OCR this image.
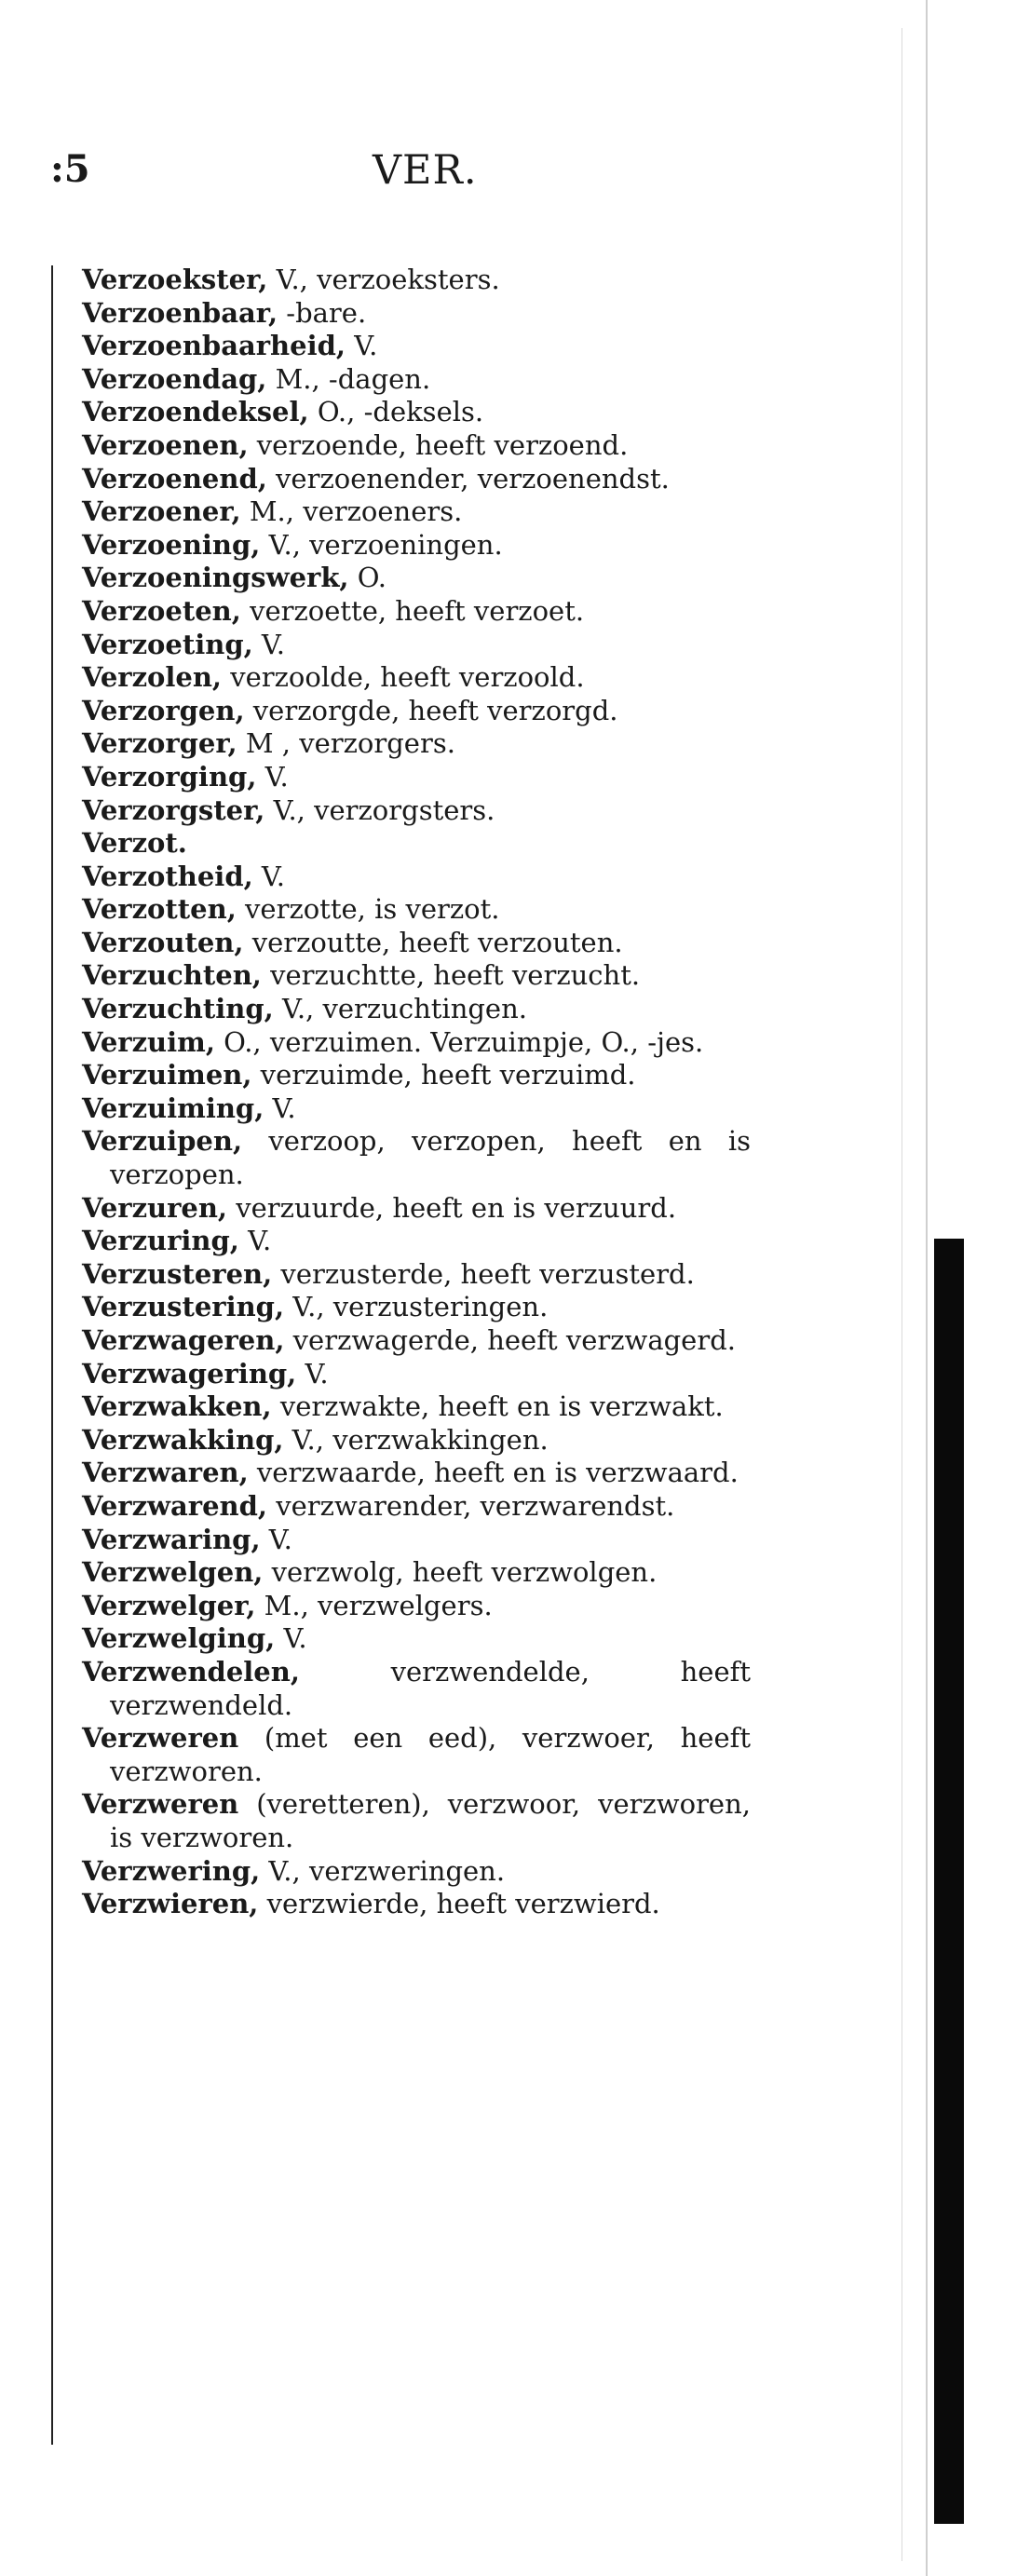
:5	VER.
Verzoekster, V., verzoeksters.
Verzoenbaar, -bare.
Verzoenbaarheid, V.
Verzoendag, M., -dagen.
Verzoendeksel, O., -deksels.
Verzoenen, verzoende, heeft verzoend.
Verzoenend, verzoenender, verzoenendst.
Verzoener, M., verzoeners.
Verzoening, V., verzoeningen.
Verzoeningswerk, O.
Verzoeten, verzoette, heeft verzoet.
Verzoeting, V.
Verzolen, verzoolde, heeft verzoold.
Verzorgen, verzorgde, heeft verzorgd.
Verzorger, M , verzorgers.
Verzorging, V.
Verzorgster, V., verzorgsters.
Verzot.
Verzotheid, V.
Verzotten, verzotte, is verzot.
Verzouten, verzoutte, heeft verzouten.
Verzuchten, verzuchtte, heeft verzucht.
Verzuchting, V., verzuchtingen.
Verzuim, O., verzuimen. Verzuimpje, O., -jes.
Verzuimen, verzuimde, heeft verzuimd.
Verzuiming, V.
Verzuipen, verzoop, verzopen, heeft en is verzopen.
Verzuren, verzuurde, heeft en is verzuurd.
Verzuring, V.
Verzusteren, verzusterde, heeft verzusterd.
Verzustering, V., verzusteringen.
Verzwageren, verzwagerde, heeft verzwagerd.
Verzwagering, V.
Verzwakken, verzwakte, heeft en is verzwakt.
Verzwakking, V., verzwakkingen.
Verzwaren, verzwaarde, heeft en is verzwaard.
Verzwarend, verzwarender, verzwarendst.
Verzwaring, V.
Verzwelgen, verzwolg, heeft verzwolgen.
Verzwelger, M., verzwelgers.
Verzwelging, V.
Verzwendelen, verzwendelde, heeft verzwendeld.
Verzweren (met een eed), verzwoer, heeft verzworen.
Verzweren (veretteren), verzwoor, verzworen, is verzworen.
Verzwering, V., verzweringen.
Verzwieren, verzwierde, heeft verzwierd.
